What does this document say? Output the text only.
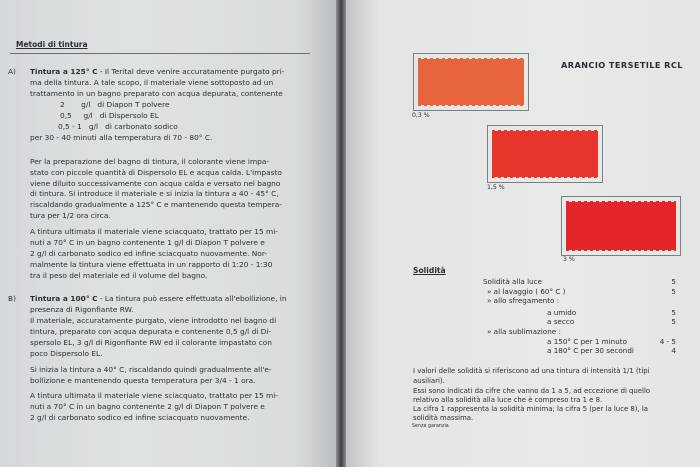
Metodi di tintura
A) Tintura a 125° C - Il Terital deve venire accuratamente purgato pri-
ma della tintura. A tale scopo, il materiale viene sottoposto ad un
trattamento in un bagno preparato con acqua depurata, contenente
2       g/l   di Diapon T polvere
0,5     g/l   di Dispersolo EL
0,5 - 1   g/l   di carbonato sodico
per 30 - 40 minuti alla temperatura di 70 - 80° C.
Per la preparazione del bagno di tintura, il colorante viene impa-
stato con piccole quantità di Dispersolo EL e acqua calda. L'impasto
viene diluito successivamente con acqua calda e versato nel bagno
di tintura. Si introduce il materiale e si inizia la tintura a 40 - 45° C,
riscaldando gradualmente a 125° C e mantenendo questa tempera-
tura per 1/2 ora circa.
A tintura ultimata il materiale viene sciacquato, trattato per 15 mi-
nuti a 70° C in un bagno contenente 1 g/l di Diapon T polvere e
2 g/l di carbonato sodico ed infine sciacquato nuovamente. Nor-
malmente la tintura viene effettuata in un rapporto di 1:20 - 1:30
tra il peso del materiale ed il volume del bagno.
B) Tintura a 100° C - La tintura può essere effettuata all'ebollizione, in
presenza di Rigonfiante RW.
Il materiale, accuratamente purgato, viene introdotto nel bagno di
tintura, preparato con acqua depurata e contenente 0,5 g/l di Di-
spersolo EL, 3 g/l di Rigonfiante RW ed il colorante impastato con
poco Dispersolo EL.
Si inizia la tintura a 40° C, riscaldando quindi gradualmente all'e-
bollizione e mantenendo questa temperatura per 3/4 - 1 ora.
A tintura ultimata il materiale viene sciacquato, trattato per 15 mi-
nuti a 70° C in un bagno contenente 2 g/l di Diapon T polvere e
2 g/l di carbonato sodico ed infine sciacquato nuovamente.
ARANCIO TERSETILE RCL
0,3 %
1,5 %
3 %
Solidità
Solidità alla luce	5
» al lavaggio ( 60° C )	5
» allo sfregamento :
a umido	5
a secco	5
» alla sublimazione :
a 150° C per 1 minuto	4 - 5
a 180° C per 30 secondi	4
I valori delle solidità si riferiscono ad una tintura di intensità 1/1 (tipi
ausiliari).
Essi sono indicati da cifre che vanno da 1 a 5, ad eccezione di quello
relativo alla solidità alla luce che è compreso tra 1 e 8.
La cifra 1 rappresenta la solidità minima; la cifra 5 (per la luce 8), la
solidità massima.
Senza garanzia
